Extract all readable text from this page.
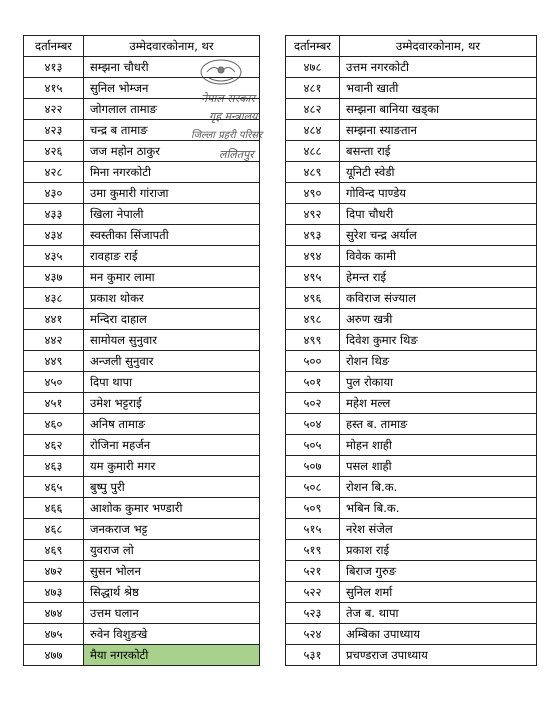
दर्तानम्बर	उम्मेदवारकोनाम, थर
४१३	सम्झना चौधरी
४१५	सुनिल भोम्जन
४२२	जोगलाल तामाङ
४२३	चन्द्र ब तामाङ
४२६	जज महोन ठाकुर
४२८	मिना नगरकोटी
४३०	उमा कुमारी गांराजा
४३३	खिला नेपाली
४३४	स्वस्तीका सिंजापती
४३५	रावहाङ राई
४३७	मन कुमार लामा
४३८	प्रकाश थोकर
४४१	मन्दिरा दाहाल
४४२	सामोयल सुनुवार
४४९	अन्जली सुनुवार
४५०	दिपा थापा
४५१	उमेश भट्टराई
४६०	अनिष तामाङ
४६२	रोजिना महर्जन
४६३	यम कुमारी मगर
४६५	बुष्पु पुरी
४६६	आशोक कुमार भण्डारी
४६८	जनकराज भट्ट
४६९	युवराज लो
४७२	सुसन भोलन
४७३	सिद्धार्थ श्रेष्ठ
४७४	उत्तम घलान
४७५	रुवेन विशुङखे
४७७	मैया नगरकोटी
दर्तानम्बर	उम्मेदवारकोनाम, थर
४७८	उत्तम नगरकोटी
४८१	भवानी खाती
४८२	सम्झना बानिया खड्का
४८४	सम्झना स्याङतान
४८८	बसन्ता राई
४८९	यूनिटी स्वेडी
४९०	गोविन्द पाण्डेय
४९२	दिपा चौधरी
४९३	सुरेश चन्द्र अर्याल
४९४	विवेक कामी
४९५	हेमन्त राई
४९६	कविराज संज्याल
४९८	अरुण खत्री
४९९	दिवेश कुमार थिङ
५००	रोशन थिङ
५०१	पुल रोकाया
५०२	महेश मल्ल
५०४	हस्त ब. तामाङ
५०५	मोहन शाही
५०७	पसल शाही
५०८	रोशन बि.क.
५०९	भबिन बि.क.
५१५	नरेश संजेल
५१९	प्रकाश राई
५२१	बिराज गुरुङ
५२२	सुनिल शर्मा
५२३	तेज ब. थापा
५२४	अम्बिका उपाध्याय
५३१	प्रचण्डराज उपाध्याय
नेपाल सरकार
गृह मन्त्रालय
जिल्ला प्रहरी परिसर
ललितपुर
